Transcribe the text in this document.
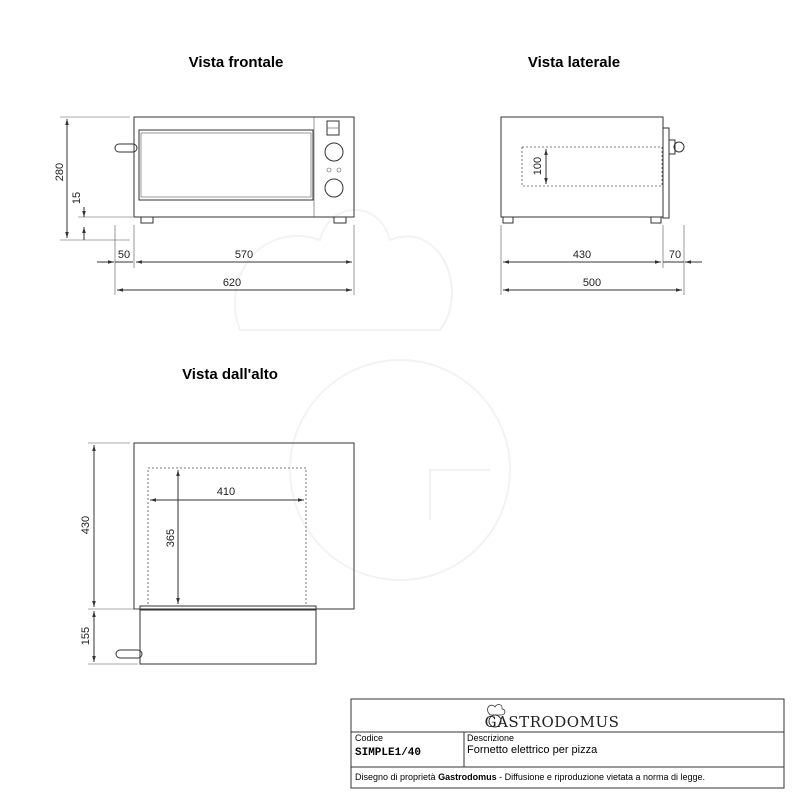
Vista frontale
280
15
50	570
620
Vista laterale
100
430	70
500
Vista dall'alto
410
365
430
155
GASTRODOMUS
Codice
SIMPLE1/40
Descrizione
Fornetto elettrico per pizza
Disegno di proprietà Gastrodomus - Diffusione e riproduzione vietata a norma di legge.
